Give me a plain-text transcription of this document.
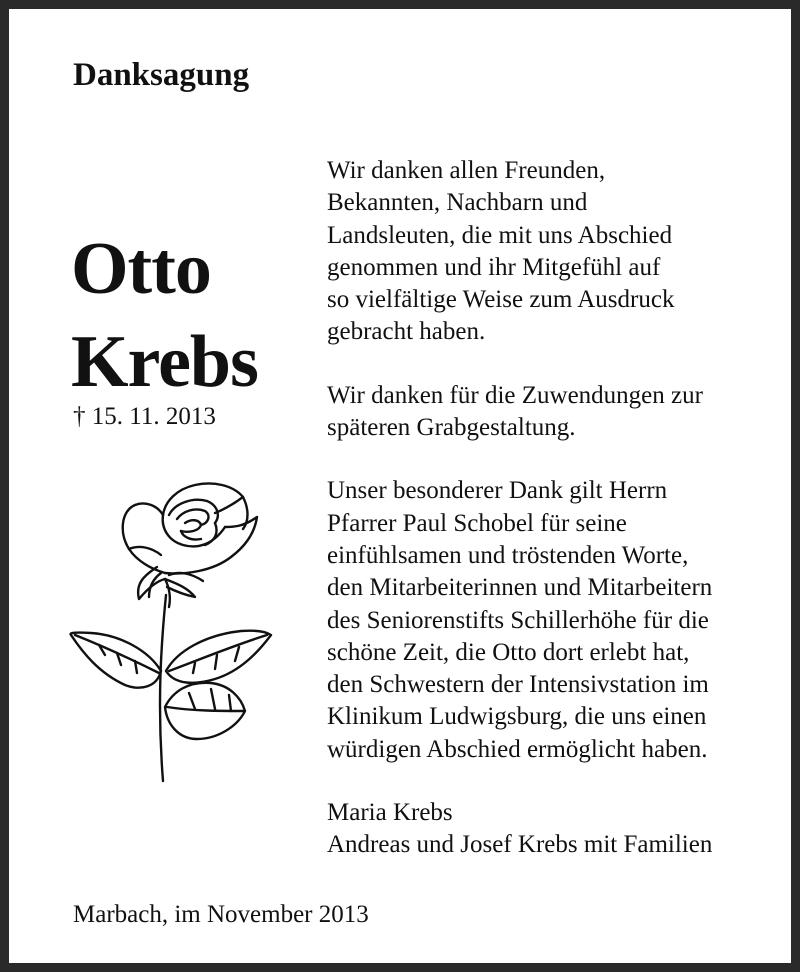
Danksagung
Otto
Krebs
† 15. 11. 2013

Wir danken allen Freunden,
Bekannten, Nachbarn und
Landsleuten, die mit uns Abschied
genommen und ihr Mitgefühl auf
so vielfältige Weise zum Ausdruck
gebracht haben.

Wir danken für die Zuwendungen zur
späteren Grabgestaltung.

Unser besonderer Dank gilt Herrn
Pfarrer Paul Schobel für seine
einfühlsamen und tröstenden Worte,
den Mitarbeiterinnen und Mitarbeitern
des Seniorenstifts Schillerhöhe für die
schöne Zeit, die Otto dort erlebt hat,
den Schwestern der Intensivstation im
Klinikum Ludwigsburg, die uns einen
würdigen Abschied ermöglicht haben.

Maria Krebs
Andreas und Josef Krebs mit Familien
Marbach, im November 2013
